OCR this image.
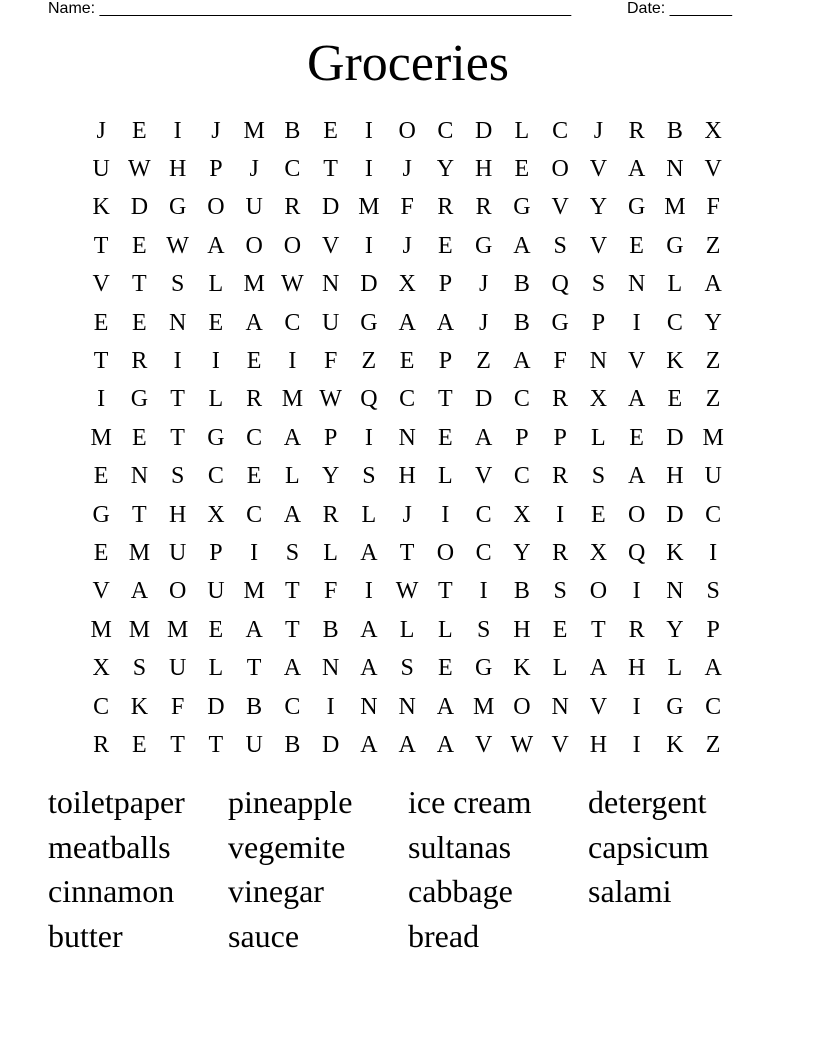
Name: _____________________________________________________	Date: _______
Groceries
J	E	I	J M B E	I	O C D L C	J	R B X
U W H P	J	C T	I	J	Y H E O V A N V
K D G O U R D M F R R G V Y G M F
T E W A O O V	I	J	E G A S V E G Z
V T	S	L M W N D X P	J	B Q S N L A
E E N E A C U G A A	J	B G P	I	C Y
T R	I	I	E	I	F	Z E	P	Z A F N V K Z
I	G T L R M W Q C T D C R X A E Z
M E T G C A P	I	N E A P	P	L E D M
E N S C E L Y S H L V C R S A H U
G T H X C A R L	J	I	C X	I	E O D C
E M U P	I	S	L A T O C Y R X Q K	I
V A O U M T	F	I W T	I	B S O	I	N S
M M M E A T B A L L	S H E T R Y P
X S U L T A N A S	E G K L A H L A
C K F D B C	I	N N A M O N V	I	G C
R E T T U B D A A A V W V H	I	K Z
toiletpaper	pineapple	ice cream	detergent
meatballs	vegemite	sultanas	capsicum
cinnamon	vinegar	cabbage	salami
butter	sauce	bread
